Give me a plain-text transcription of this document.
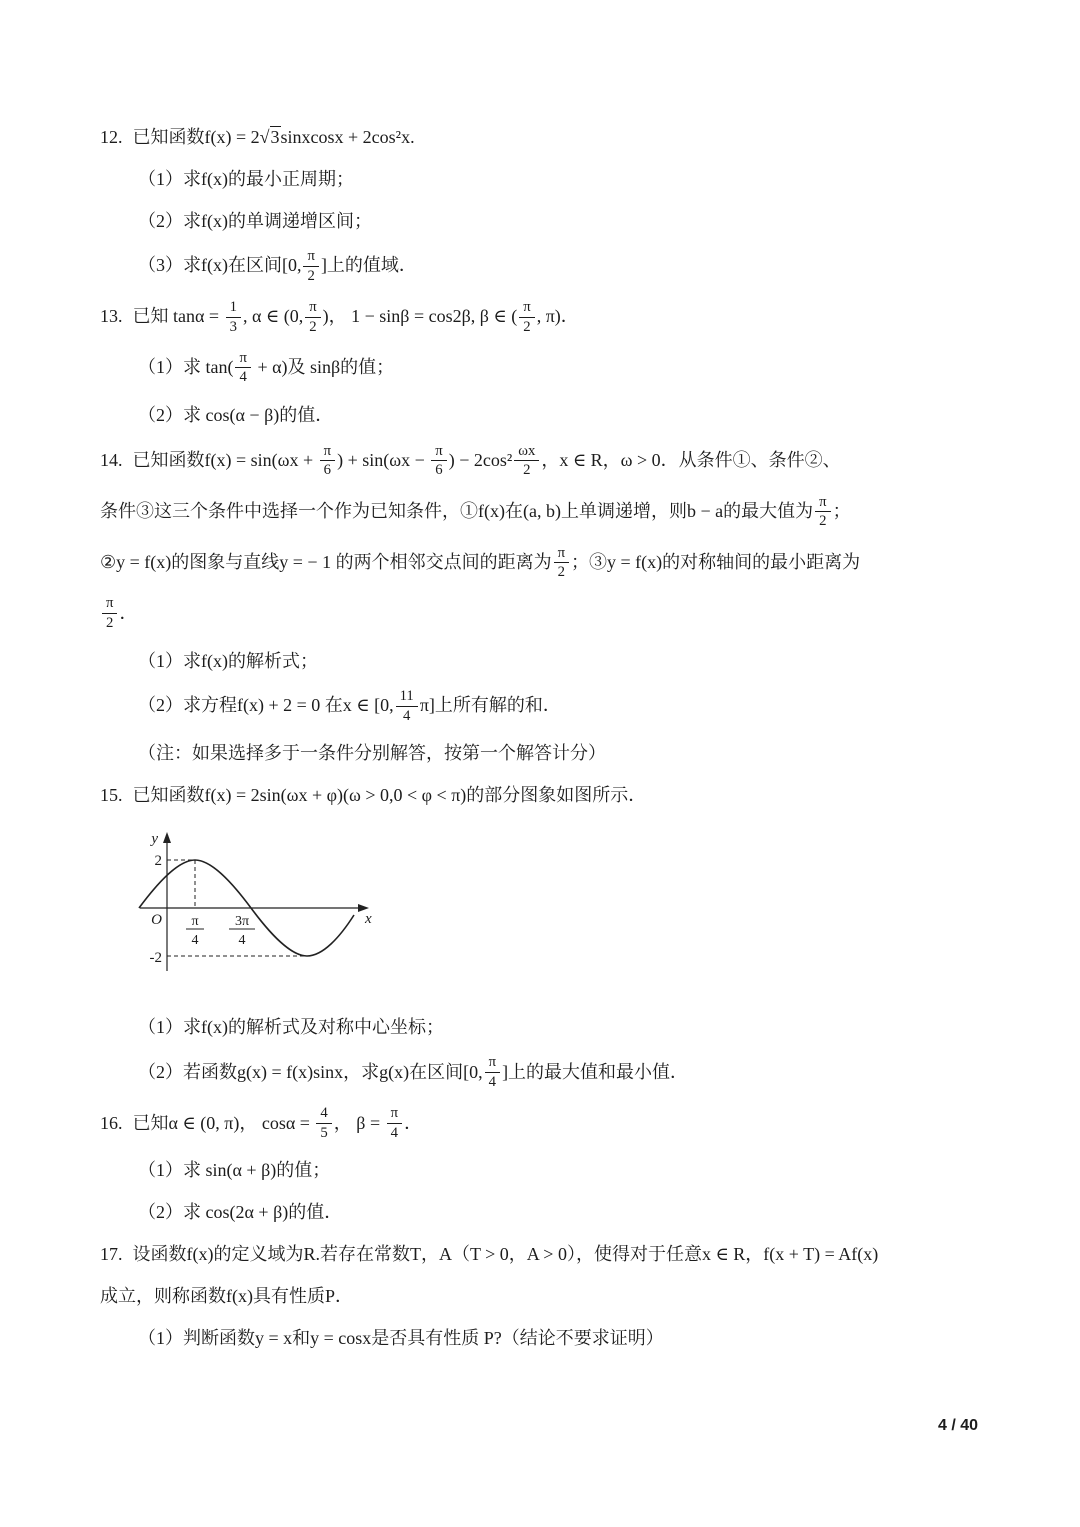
12. 已知函数f(x) = 2√3sinxcosx + 2cos²x.
（1）求f(x)的最小正周期；
（2）求f(x)的单调递增区间；
（3）求f(x)在区间[0, $\frac{\pi}{2}$ ]上的值域．
13. 已知 $\tan\alpha = \frac{1}{3}$ , α ∈ (0, $\frac{\pi}{2}$ )， 1 − sinβ = cos2β, β ∈ ( $\frac{\pi}{2}$ , π)．
（1）求 $\tan( \frac{\pi}{4} + \alpha)$及 sinβ的值；
（2）求 cos(α − β)的值．
14. 已知函数$f(x) = \sin(\omega x + \frac{\pi}{6}$ ) + $\sin(\omega x - \frac{\pi}{6}$ ) − $2\cos^2 \frac{\omega x}{2}$ ，x ∈ R，ω > 0．从条件①、条件②、
条件③这三个条件中选择一个作为已知条件，①f(x)在(a, b)上单调递增，则b − a的最大值为 $\frac{\pi}{2}$ ；
②y = f(x)的图象与直线y = − 1 的两个相邻交点间的距离为 $\frac{\pi}{2}$ ；③y = f(x)的对称轴间的最小距离为
$\frac{\pi}{2}$ ．
（1）求f(x)的解析式；
（2）求方程f(x) + 2 = 0 在x ∈ [0, $\frac{11}{4} \pi$]上所有解的和．
（注：如果选择多于一条件分别解答，按第一个解答计分）
15. 已知函数f(x) = 2sin(ωx + φ)(ω > 0,0 < φ < π)的部分图象如图所示．
y
x
O
2
-2
π
4
3π
4
（1）求f(x)的解析式及对称中心坐标；
（2）若函数g(x) = f(x)sinx，求g(x)在区间[0, $\frac{\pi}{4}$ ]上的最大值和最小值．
16. 已知α ∈ (0, π)， $\cos\alpha = \frac{4}{5}$ ， $\beta = \frac{\pi}{4}$ ．
（1）求 sin(α + β)的值；
（2）求 cos(2α + β)的值．
17. 设函数f(x)的定义域为R.若存在常数T，A（T > 0，A > 0），使得对于任意x ∈ R，f(x + T) = Af(x)
成立，则称函数f(x)具有性质P．
（1）判断函数y = x和y = cosx是否具有性质 P?（结论不要求证明）
4 / 40
